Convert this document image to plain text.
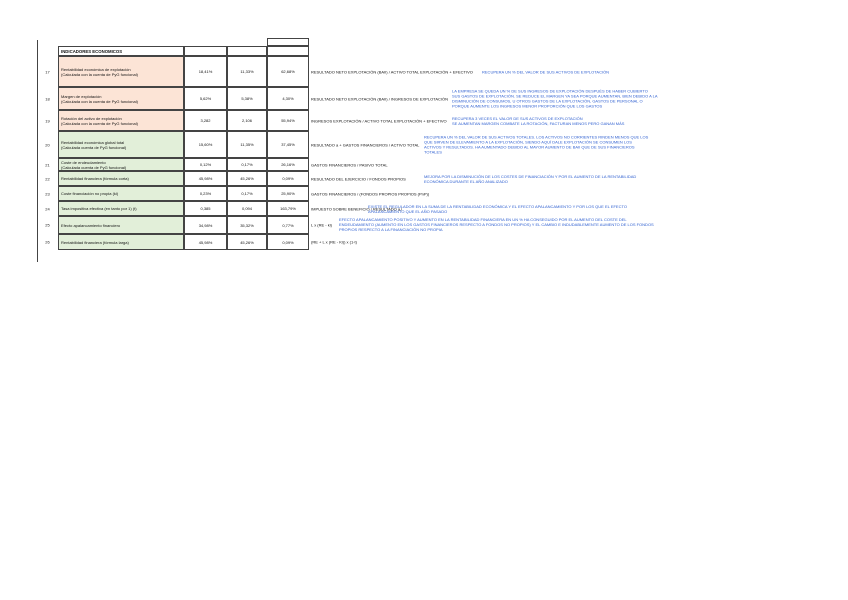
INDICADORES ECONOMICOS
17	Rentabilidad económica de explotación
(Calculada con la cuenta de PyG funcional)	18,41%	11,33%	62,68%	RESULTADO NETO EXPLOTACIÓN (BAII) / ACTIVO TOTAL EXPLOTACIÓN + EFECTIVO RECUPERA UN % DEL VALOR DE SUS ACTIVOS DE EXPLOTACIÓN
18	Margen de explotación
(Calculada con la cuenta de PyG funcional)	5,62%	5,38%	4,30%	RESULTADO NETO EXPLOTACIÓN (BAII) / INGRESOS DE EXPLOTACIÓN
LA EMPRESA SE QUEDA UN % DE SUS INGRESOS DE EXPLOTACIÓN DESPUÉS DE HABER CUBIERTO
SUS GASTOS DE EXPLOTACIÓN. SE REDUCE EL MARGEN YA SEA PORQUE AUMENTAN, BIEN DEBIDO A LA
DISMINUCIÓN DE CONSUMOS, U OTROS GASTOS DE LA EXPLOTACIÓN, GASTOS DE PERSONAL O
PORQUE AUMENTE LOS INGRESOS MENOR PROPORCIÓN QUE LOS GASTOS
19	Rotación del activo de explotación
(Calculada con la cuenta de PyG funcional)	3,282	2,106	55,94%	INGRESOS EXPLOTACIÓN / ACTIVO TOTAL EXPLOTACIÓN + EFECTIVO
RECUPERA 3 VECES EL VALOR DE SUS ACTIVOS DE EXPLOTACIÓN
SE AUMENTAN MARGEN COMBATE LA ROTACIÓN, FACTURAN MENOS PERO GANAN MÁS
20	Rentabilidad económica global total
(Calculada cuenta de PyG funcional)	15,60%	11,35%	37,45%	RESULTADO a + GASTOS FINANCIEROS / ACTIVO TOTAL
RECUPERA UN % DEL VALOR DE SUS ACTIVOS TOTALES. LOS ACTIVOS NO CORRIENTES RINDEN MENOS QUE LOS
QUE SIRVEN DE ELEVAMIENTO A LA EXPLOTACIÓN, SIENDO AQUÍ DALE EXPLOTACIÓN SE CONSUMEN LOS
ACTIVOS Y RESULTADOS. HA AUMENTADO DEBIDO AL MAYOR AUMENTO DE BAII QUE DE SUS FINANCIEROS
TOTALES
21	Coste de endeudamiento
(Calculada cuenta de PyG funcional)	0,12%	0,17%	26,16%	GASTOS FINANCIEROS / PASIVO TOTAL
22	Rentabilidad financiera (fórmula corta)	45,98%	45,26%	0,09%	RESULTADO DEL EJERCICIO / FONDOS PROPIOS
MEJORA POR LA DISMINUCIÓN DE LOS COSTES DE FINANCIACIÓN Y POR EL AUMENTO DE LA RENTABILIDAD
ECONÓMICA DURANTE EL AÑO ANALIZADO
23	Coste financiación no propia (ki)	0,23%	0,17%	25,90%	GASTOS FINANCIEROS / (FONDOS PROPIOS PROPIOS (PnP))
24	Tasa impositiva efectiva (en tanto por 1) (t)	0,385	0,094	163,79%	IMPUESTO SOBRE BENEFICIO / RESULTADO a.i
EXISTE EL REGULADOR EN LA SUMA DE LA RENTABILIDAD ECONÓMICA Y EL EFECTO APALANCAMIENTO Y POR LOS QUE EL EFECTO
APALANCAMIENTO QUE EL AÑO PASADO
25	Efecto apalancamiento financiero	34,98%	35,32%	0,77%	L x (RE - ki)
EFECTO APALANCAMIENTO POSITIVO Y AUMENTO EN LA RENTABILIDAD FINANCIERA EN UN % HA CONSEGUIDO POR EL AUMENTO DEL COSTE DEL
ENDEUDAMIENTO (AUMENTO EN LOS GASTOS FINANCIEROS RESPECTO A FONDOS NO PROPIOS) Y EL CAMBIO E INDUDABLEMENTE AUMENTO DE LOS FONDOS
PROPIOS RESPECTO A LA FINANCIACIÓN NO PROPIA
26	Rentabilidad financiera (fórmula larga)	45,98%	45,26%	0,09%	(RE + L x (RE - Ki)) x (1-t)
